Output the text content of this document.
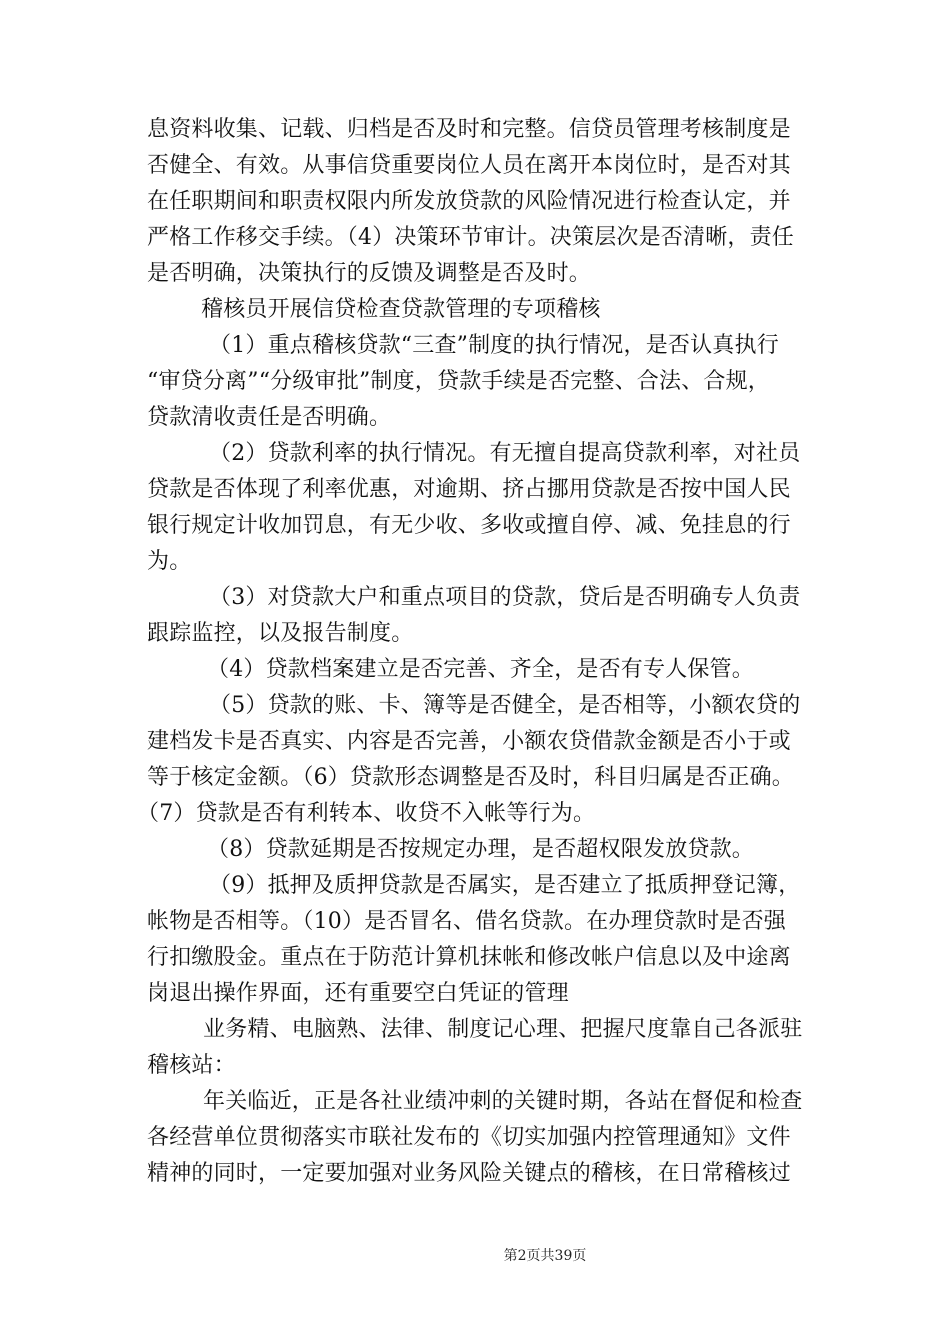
息资料收集、记载、归档是否及时和完整。信贷员管理考核制度是
否健全、有效。从事信贷重要岗位人员在离开本岗位时，是否对其
在任职期间和职责权限内所发放贷款的风险情况进行检查认定，并
严格工作移交手续。（4）决策环节审计。决策层次是否清晰，责任
是否明确，决策执行的反馈及调整是否及时。
稽核员开展信贷检查贷款管理的专项稽核
（1）重点稽核贷款“三查”制度的执行情况，是否认真执行
“审贷分离”“分级审批”制度，贷款手续是否完整、合法、合规，
贷款清收责任是否明确。
（2）贷款利率的执行情况。有无擅自提高贷款利率，对社员
贷款是否体现了利率优惠，对逾期、挤占挪用贷款是否按中国人民
银行规定计收加罚息，有无少收、多收或擅自停、减、免挂息的行
为。
（3）对贷款大户和重点项目的贷款，贷后是否明确专人负责
跟踪监控，以及报告制度。
（4）贷款档案建立是否完善、齐全，是否有专人保管。
（5）贷款的账、卡、簿等是否健全，是否相等，小额农贷的
建档发卡是否真实、内容是否完善，小额农贷借款金额是否小于或
等于核定金额。（6）贷款形态调整是否及时，科目归属是否正确。
（7）贷款是否有利转本、收贷不入帐等行为。
（8）贷款延期是否按规定办理，是否超权限发放贷款。
（9）抵押及质押贷款是否属实，是否建立了抵质押登记簿，
帐物是否相等。（10）是否冒名、借名贷款。在办理贷款时是否强
行扣缴股金。重点在于防范计算机抹帐和修改帐户信息以及中途离
岗退出操作界面，还有重要空白凭证的管理
业务精、电脑熟、法律、制度记心理、把握尺度靠自己各派驻
稽核站：
年关临近，正是各社业绩冲刺的关键时期，各站在督促和检查
各经营单位贯彻落实市联社发布的《切实加强内控管理通知》文件
精神的同时，一定要加强对业务风险关键点的稽核，在日常稽核过
第2页共39页
